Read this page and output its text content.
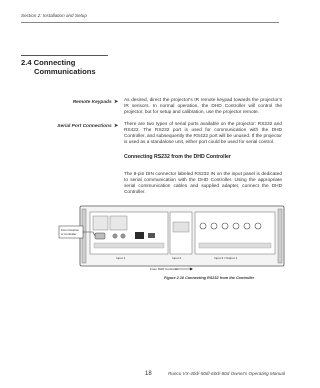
Section 2: Installation and Setup
2.4 Connecting
Communications
Remote Keypads ➤ As desired, direct the projector's IR remote keypad towards the projector's IR sensors. In normal operation, the DHD Controller will control the projector, but for setup and calibration, use the projector remote.

Serial Port Connections ➤ There are two types of serial ports available on the projector: RS232 and RS422. The RS232 port is used for communication with the DHD Controller, and subsequently the RS422 port will be unused. If the projector is used as a standalone unit, either port could be used for serial control.

Connecting RS232 from the DHD Controller

The 9-pin DIN connector labeled RS232 IN on the input panel is dedicated to serial communication with the DHD Controller. Using the appropriate serial communication cables and supplied adapter, connect the DHD Controller.

Input 1	Input 2	Input 3 / Output 1
From Crestron
or Controller
From DHD Controller
Figure 2.10 Connecting RS232 from the Controller
18	Runco VX-40d/-50d/-60d/-80d Owner's Operating Manual
